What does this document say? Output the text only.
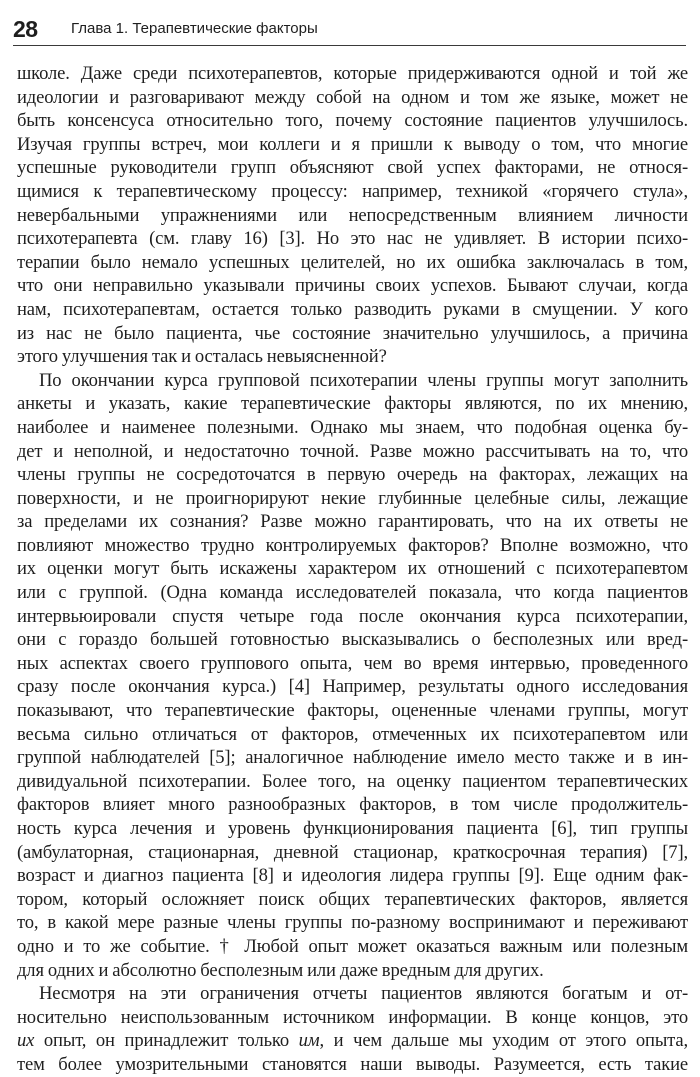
28	Глава 1. Терапевтические факторы

школе. Даже среди психотерапевтов, которые придерживаются одной и той же

идеологии и разговаривают между собой на одном и том же языке, может не

быть консенсуса относительно того, почему состояние пациентов улучшилось.

Изучая группы встреч, мои коллеги и я пришли к выводу о том, что многие

успешные руководители групп объясняют свой успех факторами, не относя-

щимися к терапевтическому процессу: например, техникой «горячего стула»,

невербальными упражнениями или непосредственным влиянием личности

психотерапевта (см. главу 16) [3]. Но это нас не удивляет. В истории психо-

терапии было немало успешных целителей, но их ошибка заключалась в том,

что они неправильно указывали причины своих успехов. Бывают случаи, когда

нам, психотерапевтам, остается только разводить руками в смущении. У кого

из нас не было пациента, чье состояние значительно улучшилось, а причина

этого улучшения так и осталась невыясненной?

По окончании курса групповой психотерапии члены группы могут заполнить

анкеты и указать, какие терапевтические факторы являются, по их мнению,

наиболее и наименее полезными. Однако мы знаем, что подобная оценка бу-

дет и неполной, и недостаточно точной. Разве можно рассчитывать на то, что

члены группы не сосредоточатся в первую очередь на факторах, лежащих на

поверхности, и не проигнорируют некие глубинные целебные силы, лежащие

за пределами их сознания? Разве можно гарантировать, что на их ответы не

повлияют множество трудно контролируемых факторов? Вполне возможно, что

их оценки могут быть искажены характером их отношений с психотерапевтом

или с группой. (Одна команда исследователей показала, что когда пациентов

интервьюировали спустя четыре года после окончания курса психотерапии,

они с гораздо большей готовностью высказывались о бесполезных или вред-

ных аспектах своего группового опыта, чем во время интервью, проведенного

сразу после окончания курса.) [4] Например, результаты одного исследования

показывают, что терапевтические факторы, оцененные членами группы, могут

весьма сильно отличаться от факторов, отмеченных их психотерапевтом или

группой наблюдателей [5]; аналогичное наблюдение имело место также и в ин-

дивидуальной психотерапии. Более того, на оценку пациентом терапевтических

факторов влияет много разнообразных факторов, в том числе продолжитель-

ность курса лечения и уровень функционирования пациента [6], тип группы

(амбулаторная, стационарная, дневной стационар, краткосрочная терапия) [7],

возраст и диагноз пациента [8] и идеология лидера группы [9]. Еще одним фак-

тором, который осложняет поиск общих терапевтических факторов, является

то, в какой мере разные члены группы по-разному воспринимают и переживают

одно и то же событие. † Любой опыт может оказаться важным или полезным

для одних и абсолютно бесполезным или даже вредным для других.

Несмотря на эти ограничения отчеты пациентов являются богатым и от-

носительно неиспользованным источником информации. В конце концов, это

их опыт, он принадлежит только им, и чем дальше мы уходим от этого опыта,

тем более умозрительными становятся наши выводы. Разумеется, есть такие
